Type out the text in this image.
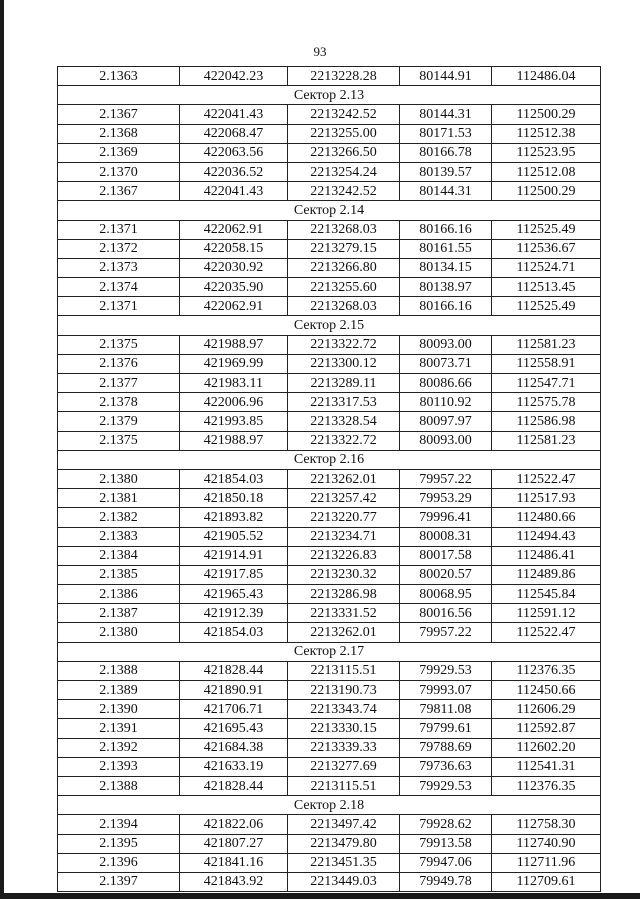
93
2.1363	422042.23	2213228.28	80144.91	112486.04
Сектор 2.13				
2.1367	422041.43	2213242.52	80144.31	112500.29
2.1368	422068.47	2213255.00	80171.53	112512.38
2.1369	422063.56	2213266.50	80166.78	112523.95
2.1370	422036.52	2213254.24	80139.57	112512.08
2.1367	422041.43	2213242.52	80144.31	112500.29
Сектор 2.14				
2.1371	422062.91	2213268.03	80166.16	112525.49
2.1372	422058.15	2213279.15	80161.55	112536.67
2.1373	422030.92	2213266.80	80134.15	112524.71
2.1374	422035.90	2213255.60	80138.97	112513.45
2.1371	422062.91	2213268.03	80166.16	112525.49
Сектор 2.15				
2.1375	421988.97	2213322.72	80093.00	112581.23
2.1376	421969.99	2213300.12	80073.71	112558.91
2.1377	421983.11	2213289.11	80086.66	112547.71
2.1378	422006.96	2213317.53	80110.92	112575.78
2.1379	421993.85	2213328.54	80097.97	112586.98
2.1375	421988.97	2213322.72	80093.00	112581.23
Сектор 2.16				
2.1380	421854.03	2213262.01	79957.22	112522.47
2.1381	421850.18	2213257.42	79953.29	112517.93
2.1382	421893.82	2213220.77	79996.41	112480.66
2.1383	421905.52	2213234.71	80008.31	112494.43
2.1384	421914.91	2213226.83	80017.58	112486.41
2.1385	421917.85	2213230.32	80020.57	112489.86
2.1386	421965.43	2213286.98	80068.95	112545.84
2.1387	421912.39	2213331.52	80016.56	112591.12
2.1380	421854.03	2213262.01	79957.22	112522.47
Сектор 2.17				
2.1388	421828.44	2213115.51	79929.53	112376.35
2.1389	421890.91	2213190.73	79993.07	112450.66
2.1390	421706.71	2213343.74	79811.08	112606.29
2.1391	421695.43	2213330.15	79799.61	112592.87
2.1392	421684.38	2213339.33	79788.69	112602.20
2.1393	421633.19	2213277.69	79736.63	112541.31
2.1388	421828.44	2213115.51	79929.53	112376.35
Сектор 2.18				
2.1394	421822.06	2213497.42	79928.62	112758.30
2.1395	421807.27	2213479.80	79913.58	112740.90
2.1396	421841.16	2213451.35	79947.06	112711.96
2.1397	421843.92	2213449.03	79949.78	112709.61
